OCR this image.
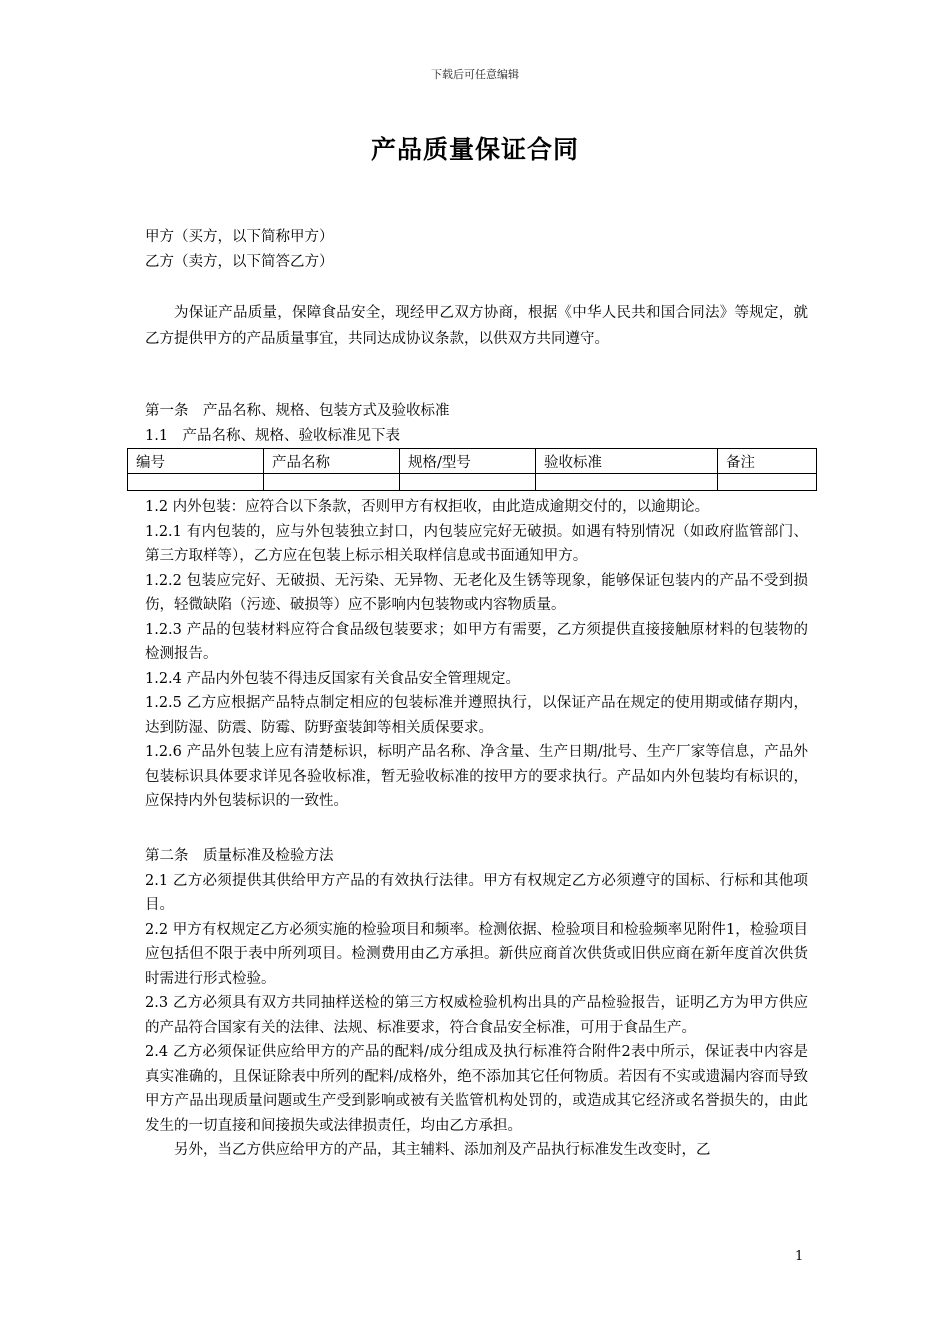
下载后可任意编辑
产品质量保证合同
甲方（买方，以下简称甲方）
乙方（卖方，以下简答乙方）
为保证产品质量，保障食品安全，现经甲乙双方协商，根据《中华人民共和国合同法》等规定，就乙方提供甲方的产品质量事宜，共同达成协议条款，以供双方共同遵守。
第一条　产品名称、规格、包装方式及验收标准
1.1　产品名称、规格、验收标准见下表
编号	产品名称	规格/型号	验收标准	备注

1.2 内外包装：应符合以下条款，否则甲方有权拒收，由此造成逾期交付的，以逾期论。
1.2.1 有内包装的，应与外包装独立封口，内包装应完好无破损。如遇有特别情况（如政府监管部门、第三方取样等），乙方应在包装上标示相关取样信息或书面通知甲方。
1.2.2 包装应完好、无破损、无污染、无异物、无老化及生锈等现象，能够保证包装内的产品不受到损伤，轻微缺陷（污迹、破损等）应不影响内包装物或内容物质量。
1.2.3 产品的包装材料应符合食品级包装要求；如甲方有需要，乙方须提供直接接触原材料的包装物的检测报告。
1.2.4 产品内外包装不得违反国家有关食品安全管理规定。
1.2.5 乙方应根据产品特点制定相应的包装标准并遵照执行，以保证产品在规定的使用期或储存期内，达到防湿、防震、防霉、防野蛮装卸等相关质保要求。
1.2.6 产品外包装上应有清楚标识，标明产品名称、净含量、生产日期/批号、生产厂家等信息，产品外包装标识具体要求详见各验收标准，暂无验收标准的按甲方的要求执行。产品如内外包装均有标识的，应保持内外包装标识的一致性。
第二条　质量标准及检验方法
2.1 乙方必须提供其供给甲方产品的有效执行法律。甲方有权规定乙方必须遵守的国标、行标和其他项目。
2.2 甲方有权规定乙方必须实施的检验项目和频率。检测依据、检验项目和检验频率见附件1，检验项目应包括但不限于表中所列项目。检测费用由乙方承担。新供应商首次供货或旧供应商在新年度首次供货时需进行形式检验。
2.3 乙方必须具有双方共同抽样送检的第三方权威检验机构出具的产品检验报告，证明乙方为甲方供应的产品符合国家有关的法律、法规、标准要求，符合食品安全标准，可用于食品生产。
2.4 乙方必须保证供应给甲方的产品的配料/成分组成及执行标准符合附件2表中所示，保证表中内容是真实准确的，且保证除表中所列的配料/成格外，绝不添加其它任何物质。若因有不实或遗漏内容而导致甲方产品出现质量问题或生产受到影响或被有关监管机构处罚的，或造成其它经济或名誉损失的，由此发生的一切直接和间接损失或法律损责任，均由乙方承担。
另外，当乙方供应给甲方的产品，其主辅料、添加剂及产品执行标准发生改变时，乙
1
